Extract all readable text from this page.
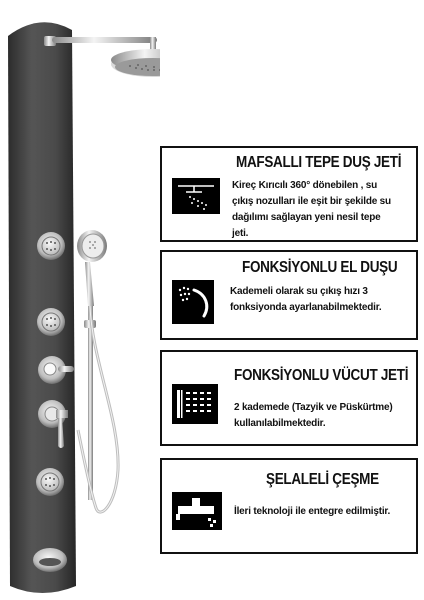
MAFSALLI TEPE DUŞ JETİ
Kireç Kırıcılı 360° dönebilen , su
çıkış nozulları ile eşit bir şekilde su
dağılımı sağlayan yeni nesil tepe
jeti.
FONKSİYONLU EL DUŞU
Kademeli olarak su çıkış hızı 3
fonksiyonda ayarlanabilmektedir.
FONKSİYONLU VÜCUT JETİ
2 kademede (Tazyik ve Püskürtme)
kullanılabilmektedir.
ŞELALELİ ÇEŞME
İleri teknoloji ile entegre edilmiştir.
